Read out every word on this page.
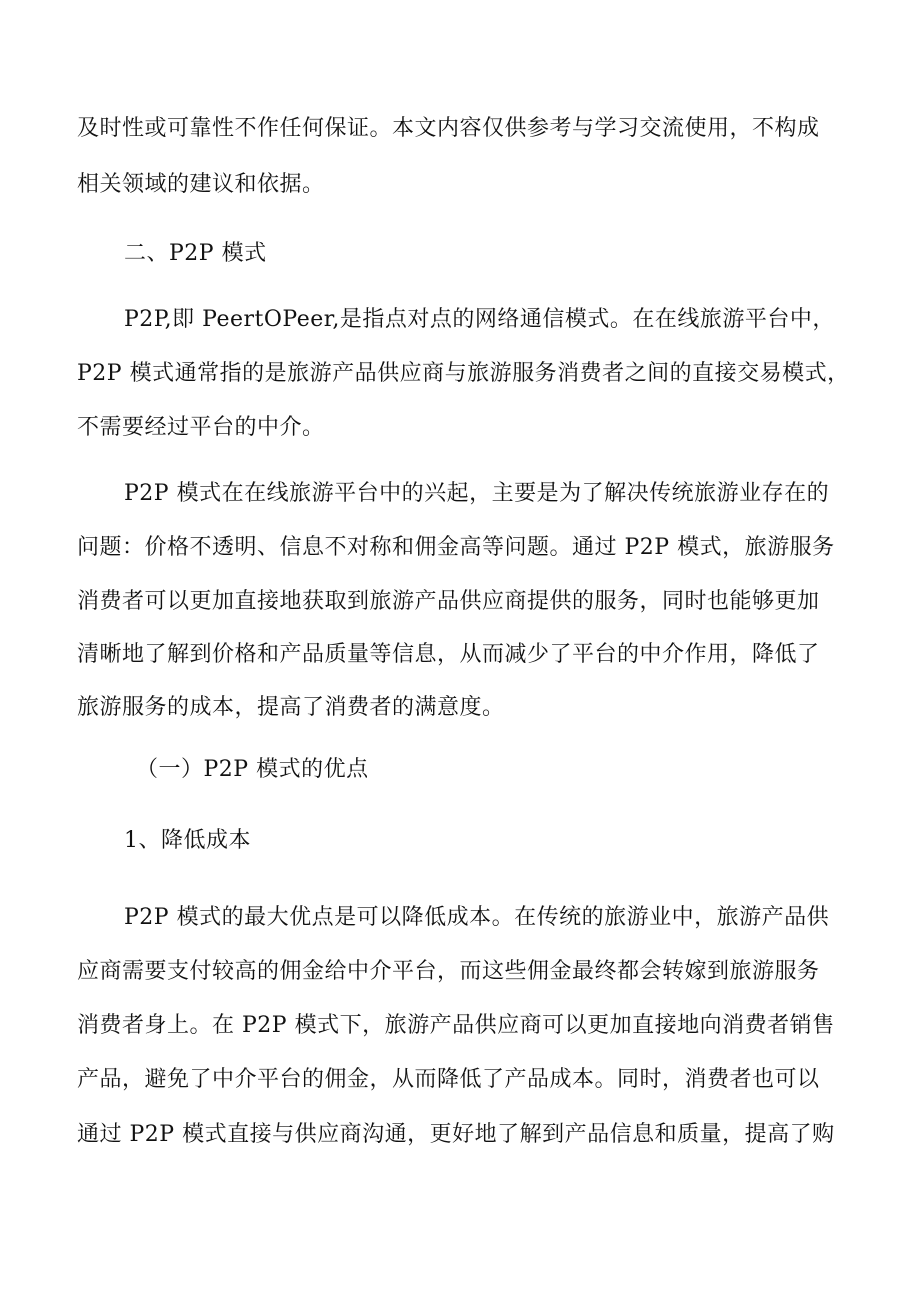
及时性或可靠性不作任何保证。本文内容仅供参考与学习交流使用，不构成
相关领域的建议和依据。
二、P2P 模式
P2P,即 PeertOPeer,是指点对点的网络通信模式。在在线旅游平台中，
P2P 模式通常指的是旅游产品供应商与旅游服务消费者之间的直接交易模式，
不需要经过平台的中介。
P2P 模式在在线旅游平台中的兴起，主要是为了解决传统旅游业存在的
问题：价格不透明、信息不对称和佣金高等问题。通过 P2P 模式，旅游服务
消费者可以更加直接地获取到旅游产品供应商提供的服务，同时也能够更加
清晰地了解到价格和产品质量等信息，从而减少了平台的中介作用，降低了
旅游服务的成本，提高了消费者的满意度。
（一）P2P 模式的优点
1、降低成本
P2P 模式的最大优点是可以降低成本。在传统的旅游业中，旅游产品供
应商需要支付较高的佣金给中介平台，而这些佣金最终都会转嫁到旅游服务
消费者身上。在 P2P 模式下，旅游产品供应商可以更加直接地向消费者销售
产品，避免了中介平台的佣金，从而降低了产品成本。同时，消费者也可以
通过 P2P 模式直接与供应商沟通，更好地了解到产品信息和质量，提高了购
